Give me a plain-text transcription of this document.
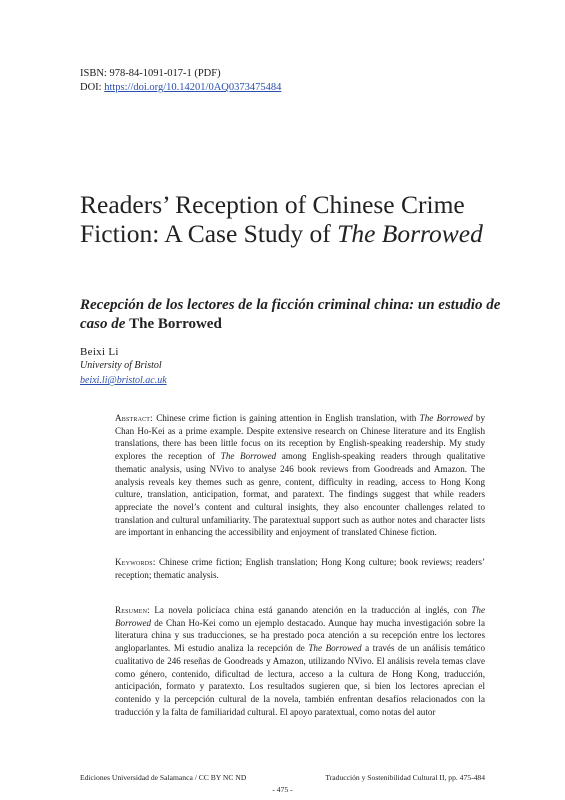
ISBN: 978-84-1091-017-1 (PDF)
DOI: https://doi.org/10.14201/0AQ0373475484
Readers’ Reception of Chinese Crime Fiction: A Case Study of The Borrowed
Recepción de los lectores de la ficción criminal china: un estudio de caso de The Borrowed
Beixi Li
University of Bristol
beixi.li@bristol.ac.uk

Abstract: Chinese crime fiction is gaining attention in English translation, with The Borrowed by Chan Ho-Kei as a prime example. Despite extensive research on Chinese literature and its English translations, there has been little focus on its reception by English-speaking readership. My study explores the reception of The Borrowed among English-speaking readers through qualitative thematic analysis, using NVivo to analyse 246 book reviews from Goodreads and Amazon. The analysis reveals key themes such as genre, content, difficulty in reading, access to Hong Kong culture, translation, anticipation, format, and paratext. The findings suggest that while readers appreciate the novel’s content and cultural insights, they also encounter challenges related to translation and cultural unfamiliarity. The paratextual support such as author notes and character lists are important in enhancing the accessibility and enjoyment of translated Chinese fiction.

Keywords: Chinese crime fiction; English translation; Hong Kong culture; book reviews; readers’ reception; thematic analysis.

Resumen: La novela policíaca china está ganando atención en la traducción al inglés, con The Borrowed de Chan Ho-Kei como un ejemplo destacado. Aunque hay mucha investigación sobre la literatura china y sus traducciones, se ha prestado poca atención a su recepción entre los lectores angloparlantes. Mi estudio analiza la recepción de The Borrowed a través de un análisis temático cualitativo de 246 reseñas de Goodreads y Amazon, utilizando NVivo. El análisis revela temas clave como género, contenido, dificultad de lectura, acceso a la cultura de Hong Kong, traducción, anticipación, formato y paratexto. Los resultados sugieren que, si bien los lectores aprecian el contenido y la percepción cultural de la novela, también enfrentan desafíos relacionados con la traducción y la falta de familiaridad cultural. El apoyo paratextual, como notas del autor

Ediciones Universidad de Salamanca / CC BY NC ND	Traducción y Sostenibilidad Cultural II, pp. 475-484
- 475 -
